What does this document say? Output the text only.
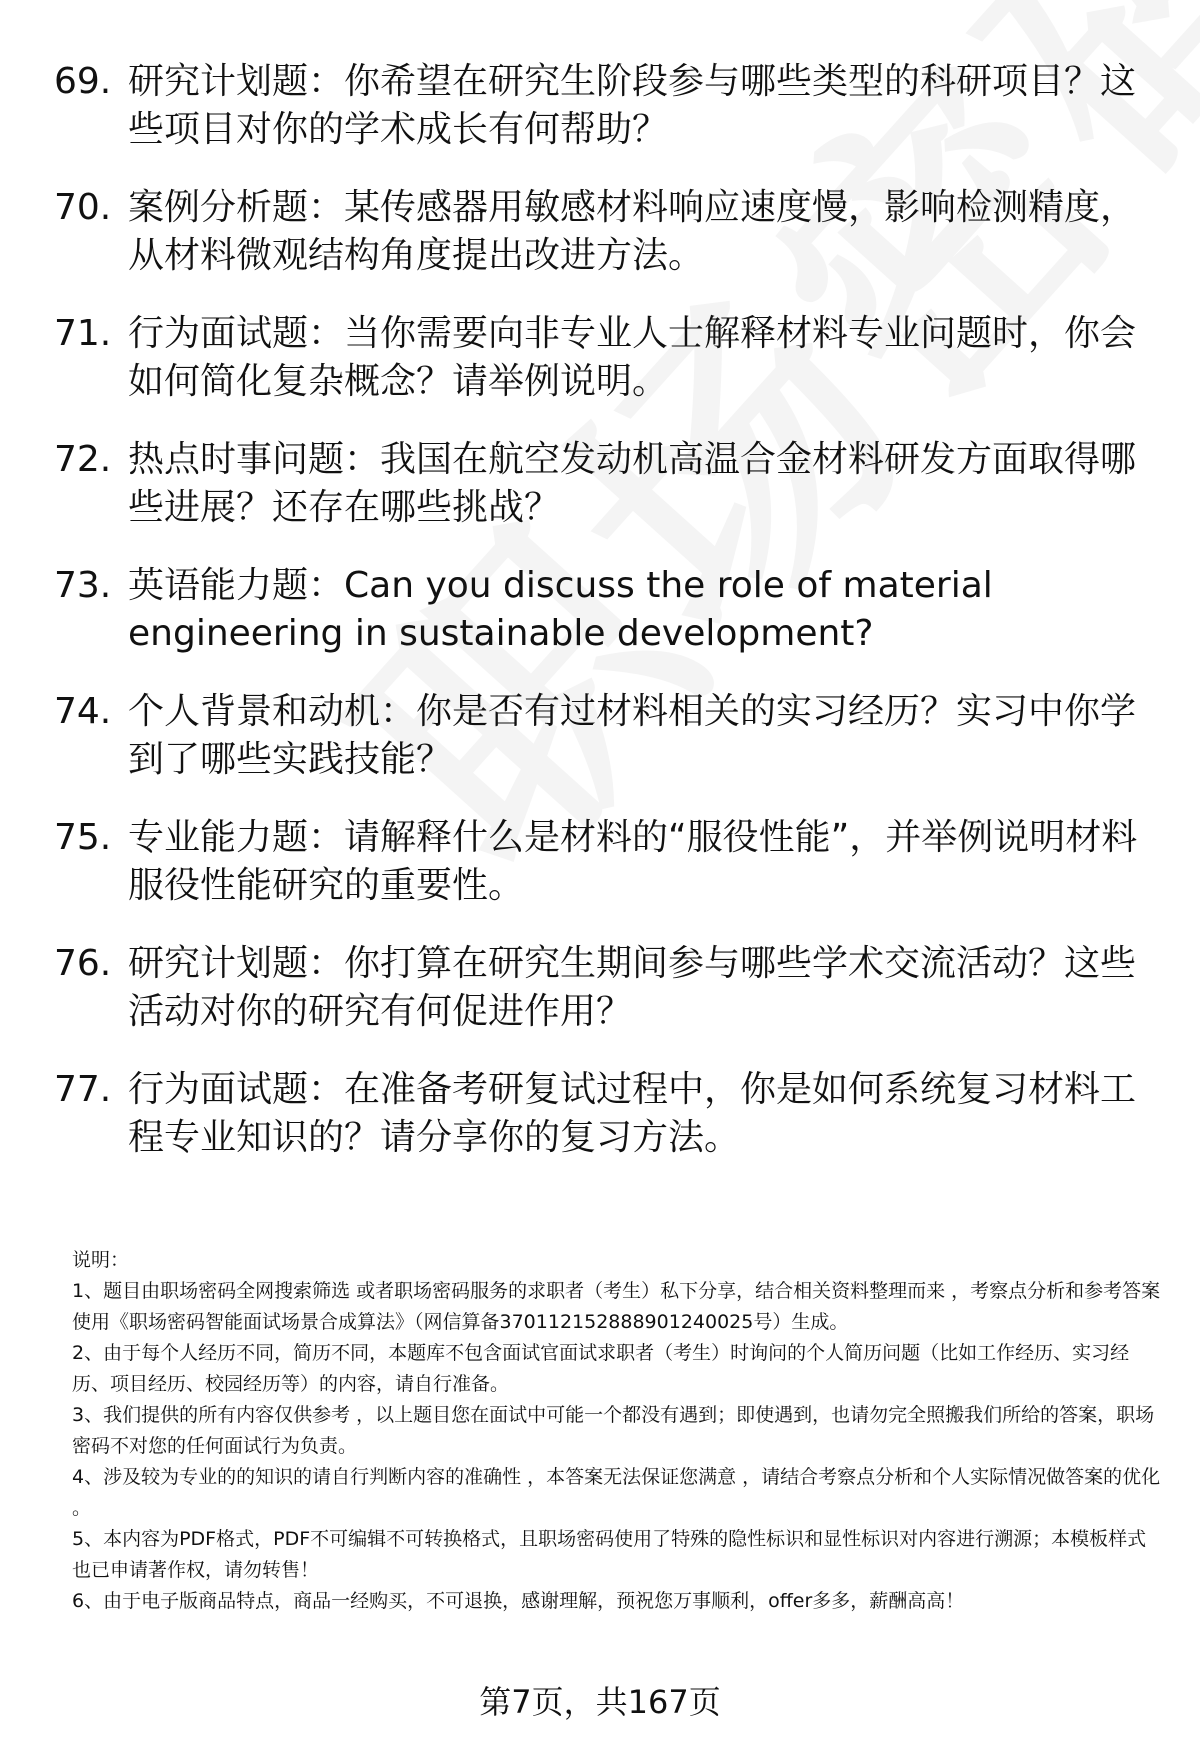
69. 研究计划题：你希望在研究生阶段参与哪些类型的科研项目？这些项目对你的学术成长有何帮助？
70. 案例分析题：某传感器用敏感材料响应速度慢，影响检测精度，从材料微观结构角度提出改进方法。
71. 行为面试题：当你需要向非专业人士解释材料专业问题时，你会如何简化复杂概念？请举例说明。
72. 热点时事问题：我国在航空发动机高温合金材料研发方面取得哪些进展？还存在哪些挑战？
73. 英语能力题：Can you discuss the role of material engineering in sustainable development?
74. 个人背景和动机：你是否有过材料相关的实习经历？实习中你学到了哪些实践技能？
75. 专业能力题：请解释什么是材料的“服役性能”，并举例说明材料服役性能研究的重要性。
76. 研究计划题：你打算在研究生期间参与哪些学术交流活动？这些活动对你的研究有何促进作用？
77. 行为面试题：在准备考研复试过程中，你是如何系统复习材料工程专业知识的？请分享你的复习方法。

说明：

1、题目由职场密码全网搜索筛选 或者职场密码服务的求职者（考生）私下分享，结合相关资料整理而来 ，考察点分析和参考答案使用《职场密码智能面试场景合成算法》（网信算备370112152888901240025号）生成。

2、由于每个人经历不同，简历不同，本题库不包含面试官面试求职者（考生）时询问的个人简历问题（比如工作经历、实习经历、项目经历、校园经历等）的内容，请自行准备。

3、我们提供的所有内容仅供参考 ，以上题目您在面试中可能一个都没有遇到；即使遇到，也请勿完全照搬我们所给的答案，职场密码不对您的任何面试行为负责。

4、涉及较为专业的的知识的请自行判断内容的准确性 ，本答案无法保证您满意 ，请结合考察点分析和个人实际情况做答案的优化 。

5、本内容为PDF格式，PDF不可编辑不可转换格式，且职场密码使用了特殊的隐性标识和显性标识对内容进行溯源；本模板样式也已申请著作权，请勿转售！

6、由于电子版商品特点，商品一经购买，不可退换，感谢理解，预祝您万事顺利，offer多多，薪酬高高！

第7页，共167页
